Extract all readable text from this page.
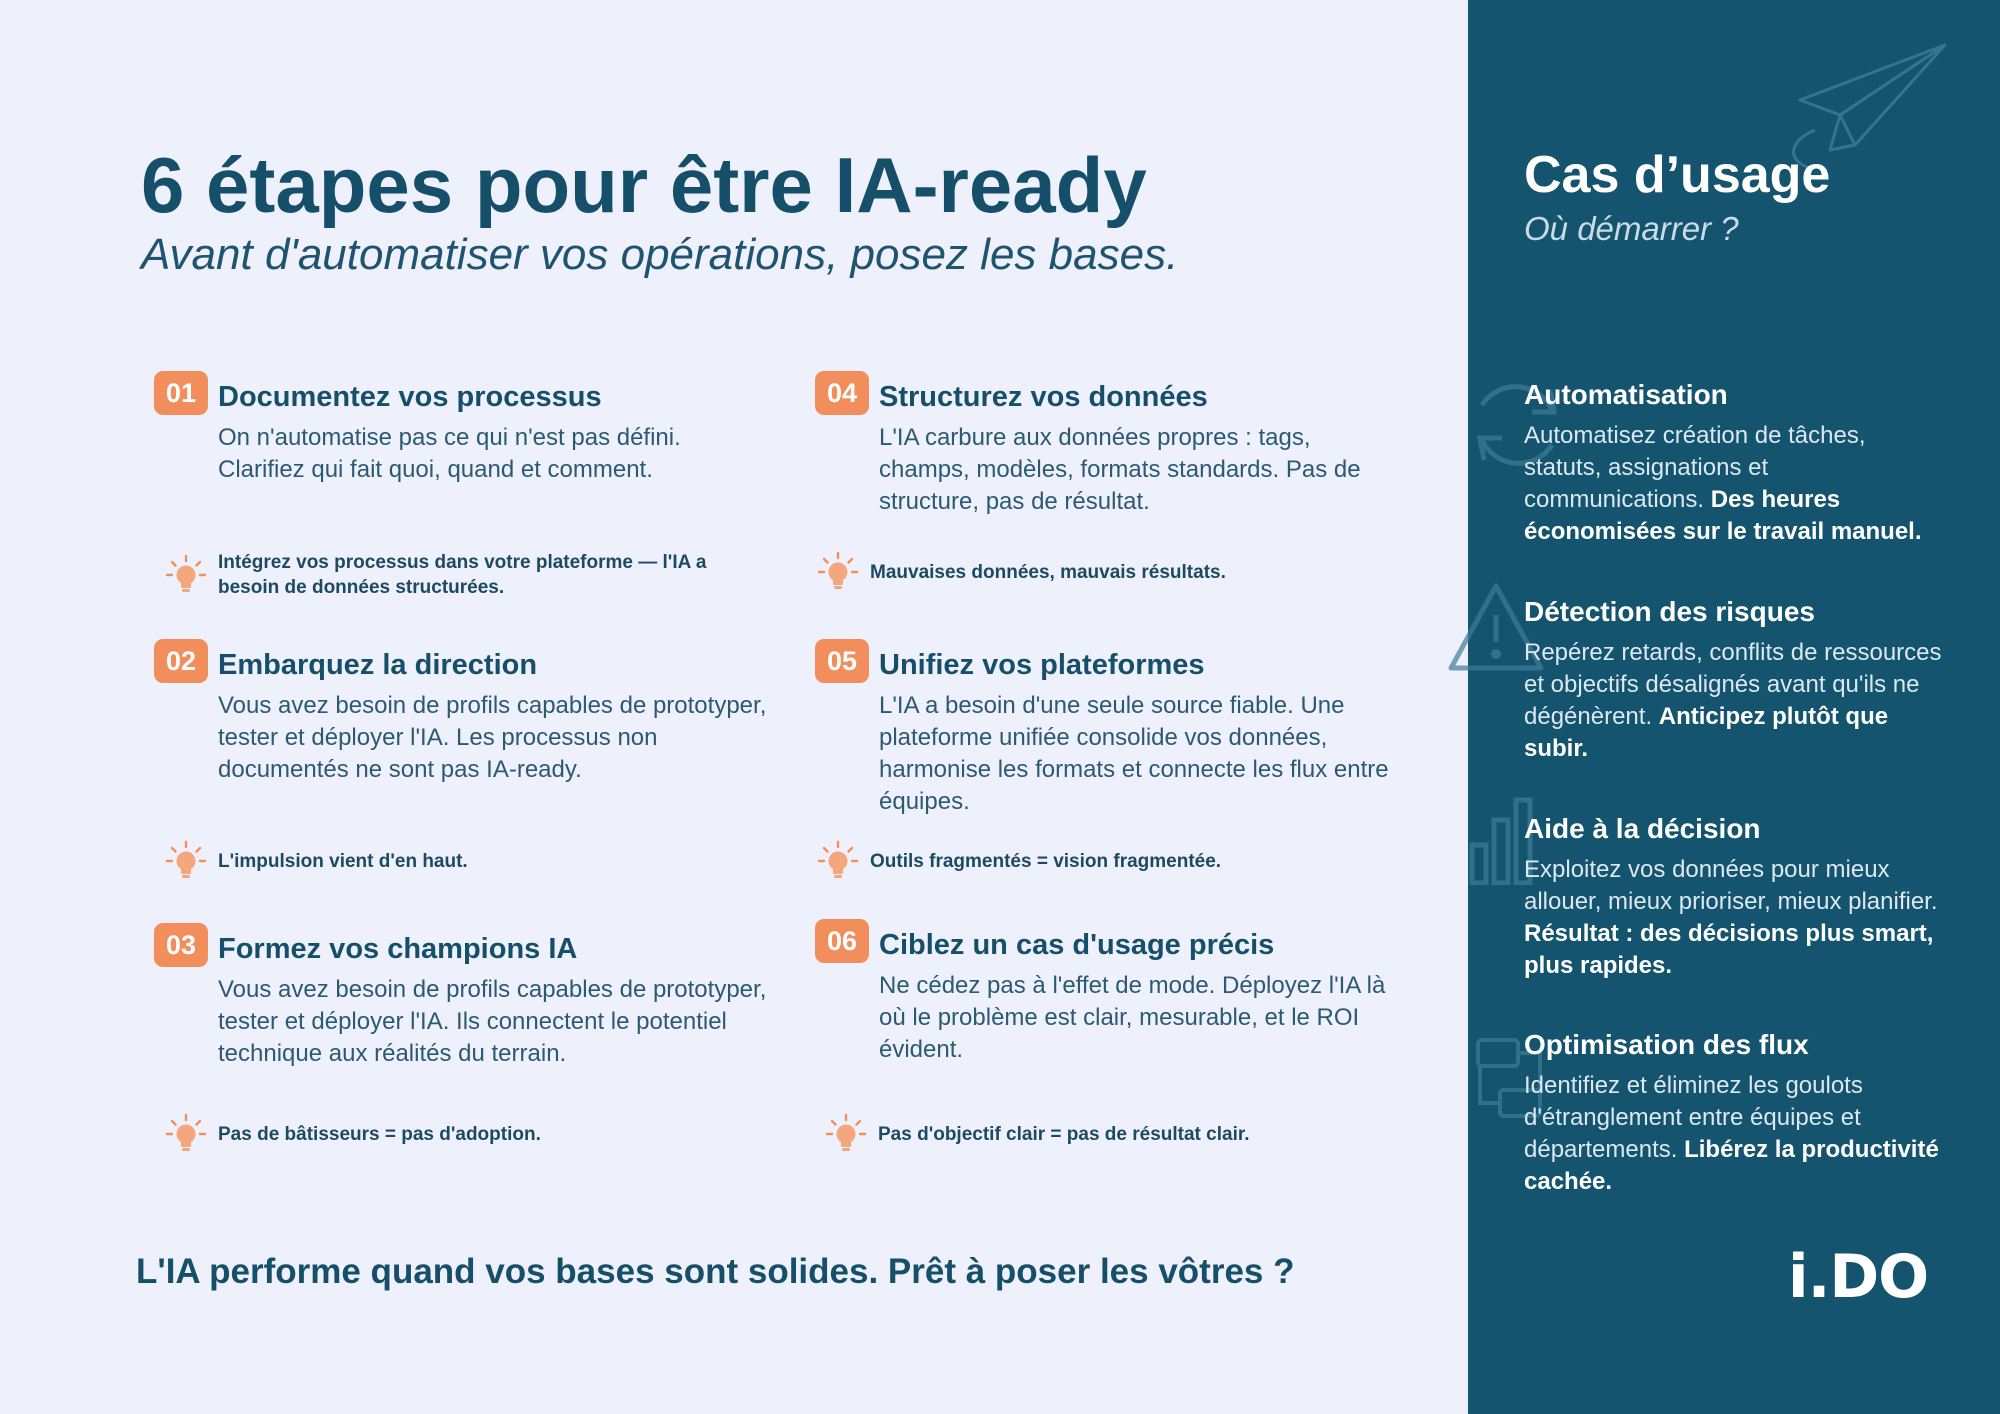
6 étapes pour être IA-ready

Avant d'automatiser vos opérations, posez les bases.

01 Documentez vos processus

On n'automatise pas ce qui n'est pas défini. Clarifiez qui fait quoi, quand et comment.

Intégrez vos processus dans votre plateforme — l'IA a besoin de données structurées.
02 Embarquez la direction

Vous avez besoin de profils capables de prototyper, tester et déployer l'IA. Les processus non documentés ne sont pas IA-ready.

L'impulsion vient d'en haut.
03 Formez vos champions IA

Vous avez besoin de profils capables de prototyper, tester et déployer l'IA. Ils connectent le potentiel technique aux réalités du terrain.

Pas de bâtisseurs = pas d'adoption.
04 Structurez vos données

L'IA carbure aux données propres : tags, champs, modèles, formats standards. Pas de structure, pas de résultat.

Mauvaises données, mauvais résultats.
05 Unifiez vos plateformes

L'IA a besoin d'une seule source fiable. Une plateforme unifiée consolide vos données, harmonise les formats et connecte les flux entre équipes.

Outils fragmentés = vision fragmentée.
06 Ciblez un cas d'usage précis

Ne cédez pas à l'effet de mode. Déployez l'IA là où le problème est clair, mesurable, et le ROI évident.

Pas d'objectif clair = pas de résultat clair.

L'IA performe quand vos bases sont solides. Prêt à poser les vôtres ?

Cas d’usage

Où démarrer ?

Automatisation

Automatisez création de tâches, statuts, assignations et communications. Des heures économisées sur le travail manuel.

Détection des risques

Repérez retards, conflits de ressources et objectifs désalignés avant qu'ils ne dégénèrent. Anticipez plutôt que subir.

Aide à la décision

Exploitez vos données pour mieux allouer, mieux prioriser, mieux planifier. Résultat : des décisions plus smart, plus rapides.

Optimisation des flux

Identifiez et éliminez les goulots d'étranglement entre équipes et départements. Libérez la productivité cachée.

i.DO
